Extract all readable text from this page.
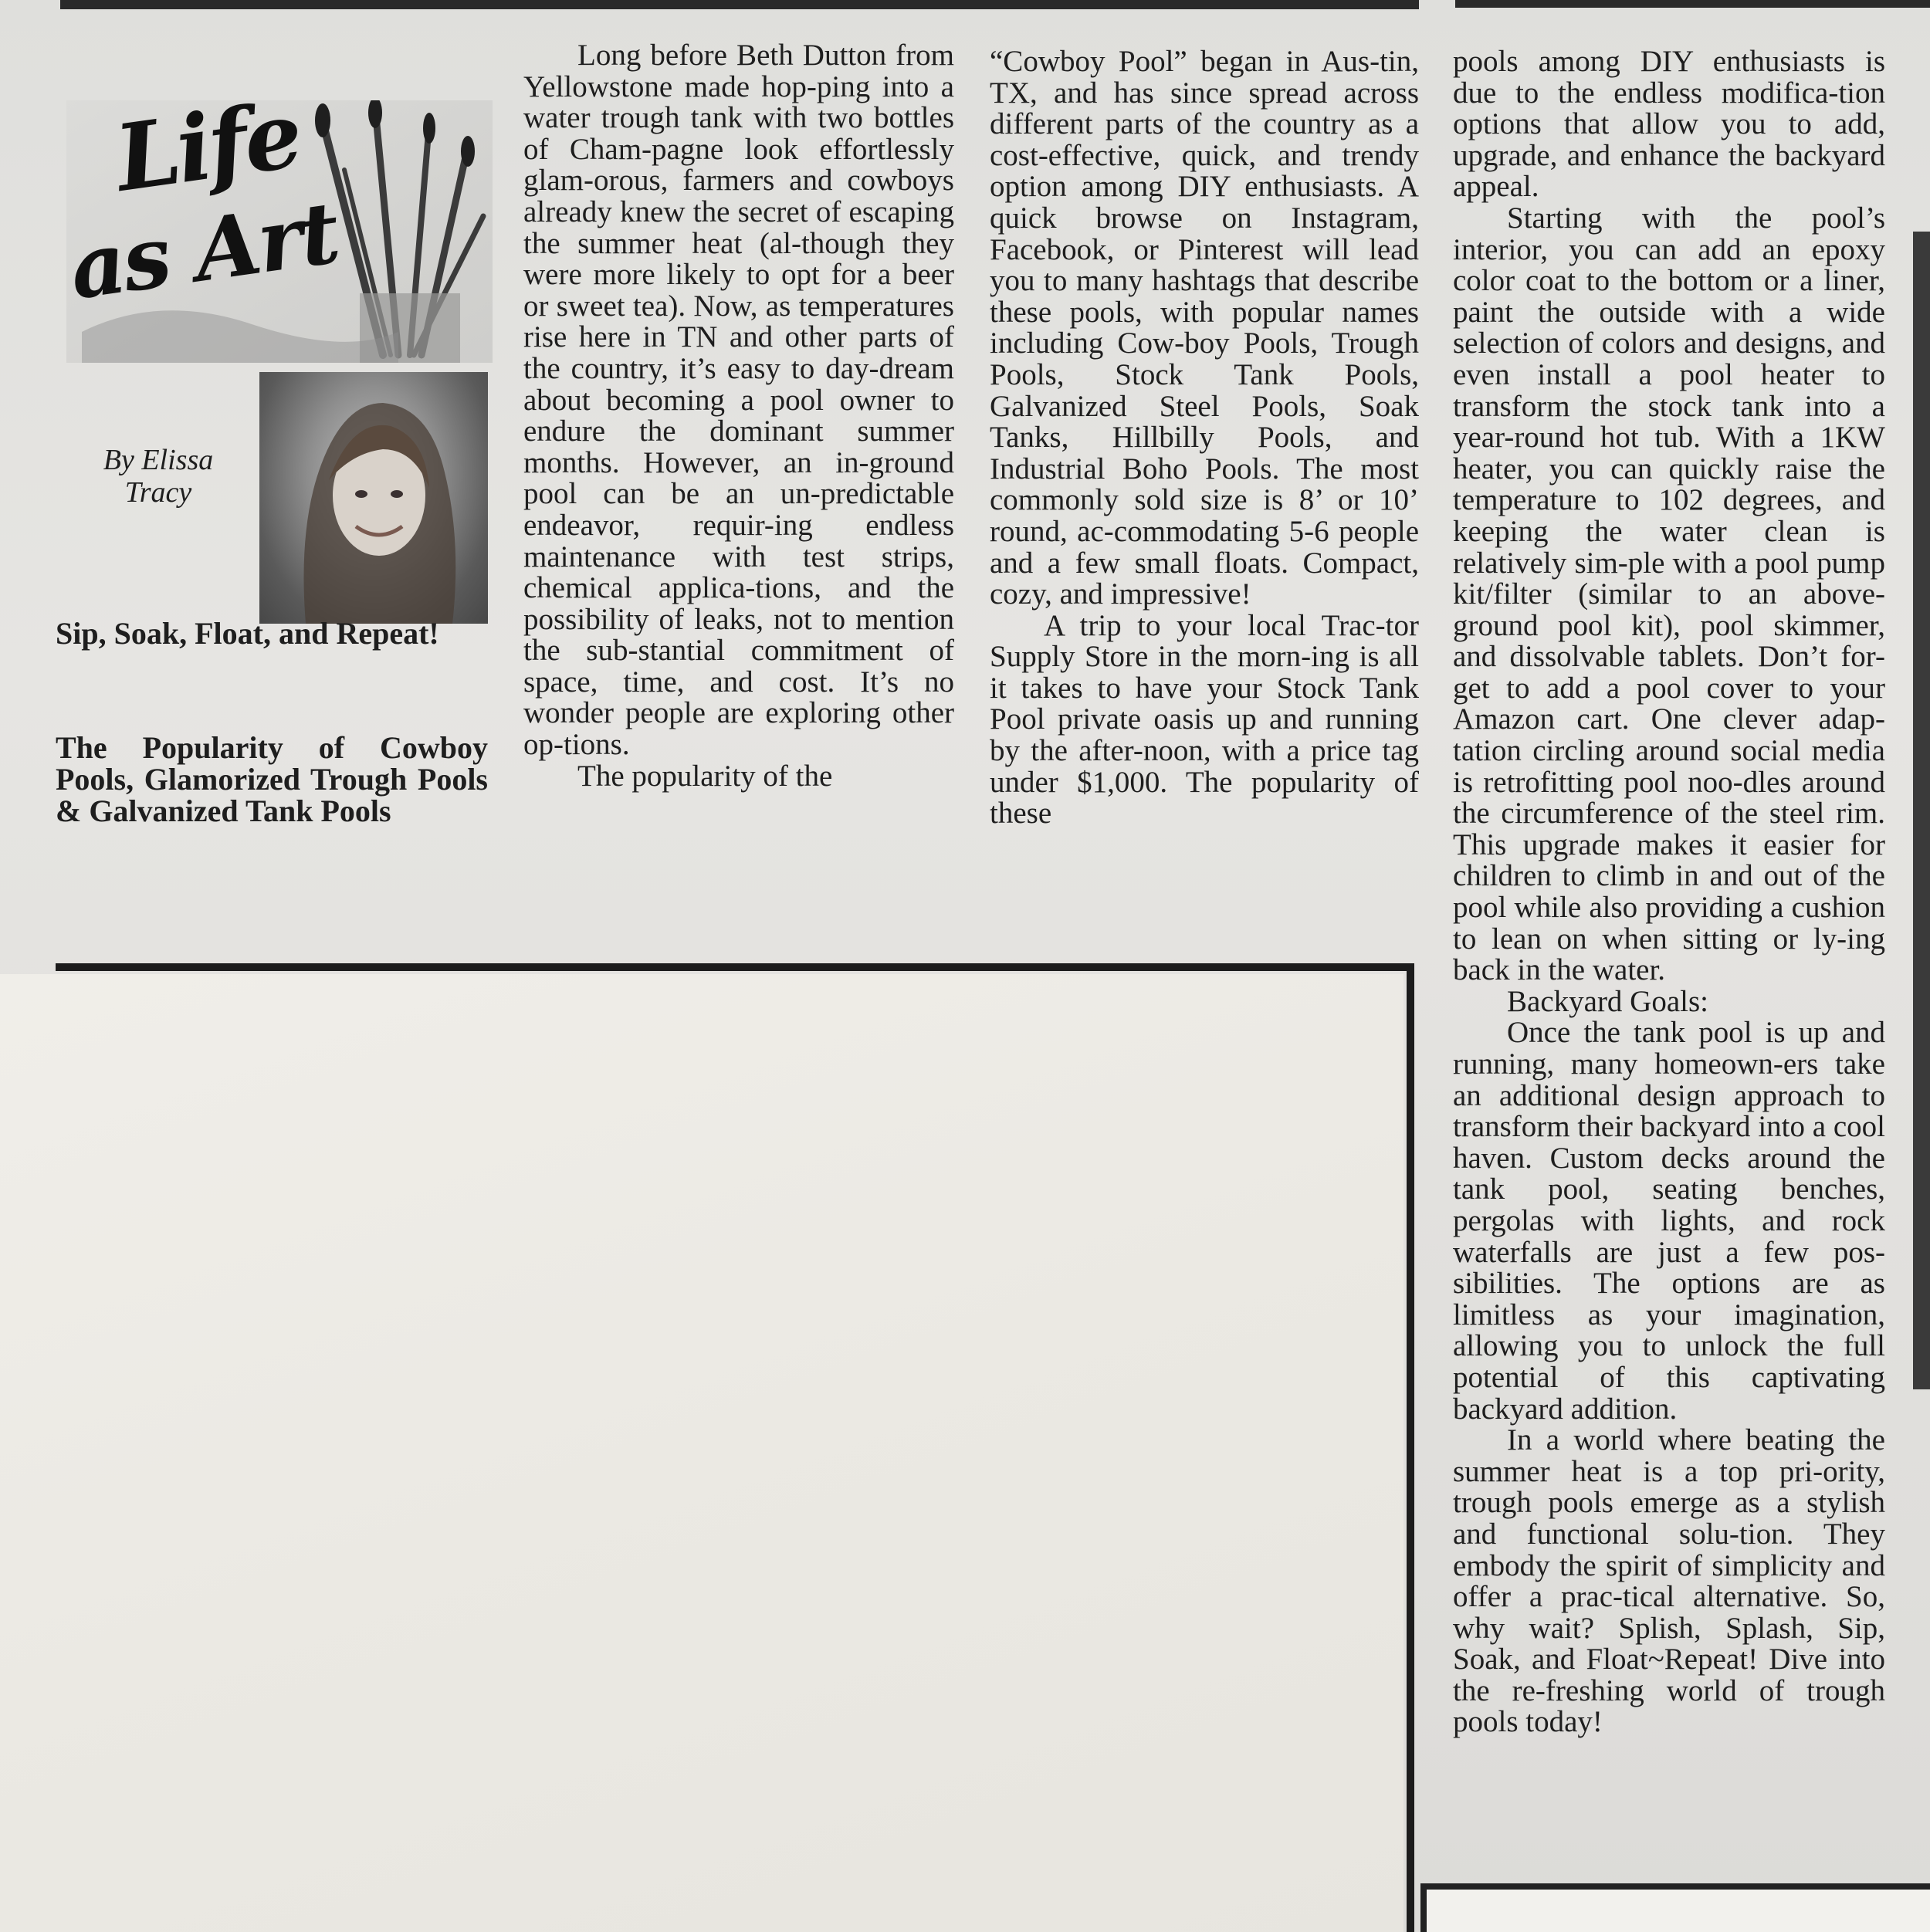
Life
as Art
By Elissa Tracy
Sip, Soak, Float, and Repeat!
The Popularity of Cowboy Pools, Glamorized Trough Pools & Galvanized Tank Pools

Long before Beth Dutton from Yellowstone made hop-ping into a water trough tank with two bottles of Cham-pagne look effortlessly glam-orous, farmers and cowboys already knew the secret of escaping the summer heat (al-though they were more likely to opt for a beer or sweet tea). Now, as temperatures rise here in TN and other parts of the country, it’s easy to day-dream about becoming a pool owner to endure the dominant summer months. However, an in-ground pool can be an un-predictable endeavor, requir-ing endless maintenance with test strips, chemical applica-tions, and the possibility of leaks, not to mention the sub-stantial commitment of space, time, and cost. It’s no wonder people are exploring other op-tions.

The popularity of the

“Cowboy Pool” began in Aus-tin, TX, and has since spread across different parts of the country as a cost-effective, quick, and trendy option among DIY enthusiasts. A quick browse on Instagram, Facebook, or Pinterest will lead you to many hashtags that describe these pools, with popular names including Cow-boy Pools, Trough Pools, Stock Tank Pools, Galvanized Steel Pools, Soak Tanks, Hillbilly Pools, and Industrial Boho Pools. The most commonly sold size is 8’ or 10’ round, ac-commodating 5-6 people and a few small floats. Compact, cozy, and impressive!

A trip to your local Trac-tor Supply Store in the morn-ing is all it takes to have your Stock Tank Pool private oasis up and running by the after-noon, with a price tag under $1,000. The popularity of these

pools among DIY enthusiasts is due to the endless modifica-tion options that allow you to add, upgrade, and enhance the backyard appeal.

Starting with the pool’s interior, you can add an epoxy color coat to the bottom or a liner, paint the outside with a wide selection of colors and designs, and even install a pool heater to transform the stock tank into a year-round hot tub. With a 1KW heater, you can quickly raise the temperature to 102 degrees, and keeping the water clean is relatively sim-ple with a pool pump kit/filter (similar to an above-ground pool kit), pool skimmer, and dissolvable tablets. Don’t for-get to add a pool cover to your Amazon cart. One clever adap-tation circling around social media is retrofitting pool noo-dles around the circumference of the steel rim. This upgrade makes it easier for children to climb in and out of the pool while also providing a cushion to lean on when sitting or ly-ing back in the water.

Backyard Goals:

Once the tank pool is up and running, many homeown-ers take an additional design approach to transform their backyard into a cool haven. Custom decks around the tank pool, seating benches, pergolas with lights, and rock waterfalls are just a few pos-sibilities. The options are as limitless as your imagination, allowing you to unlock the full potential of this captivating backyard addition.

In a world where beating the summer heat is a top pri-ority, trough pools emerge as a stylish and functional solu-tion. They embody the spirit of simplicity and offer a prac-tical alternative. So, why wait? Splish, Splash, Sip, Soak, and Float~Repeat! Dive into the re-freshing world of trough pools today!
